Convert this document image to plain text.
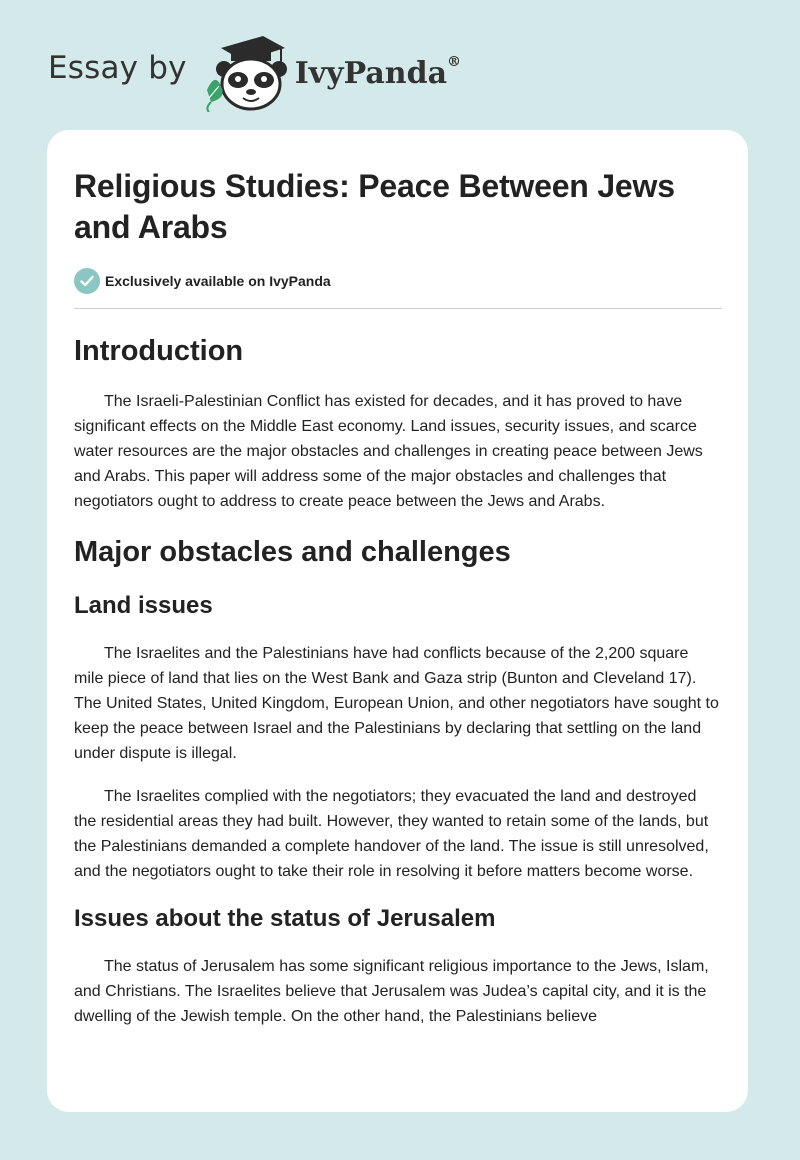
Essay by	IvyPanda®
Religious Studies: Peace Between Jews and Arabs
Exclusively available on IvyPanda
Introduction

The Israeli-Palestinian Conflict has existed for decades, and it has proved to have significant effects on the Middle East economy. Land issues, security issues, and scarce water resources are the major obstacles and challenges in creating peace between Jews and Arabs. This paper will address some of the major obstacles and challenges that negotiators ought to address to create peace between the Jews and Arabs.

Major obstacles and challenges
Land issues

The Israelites and the Palestinians have had conflicts because of the 2,200 square mile piece of land that lies on the West Bank and Gaza strip (Bunton and Cleveland 17). The United States, United Kingdom, European Union, and other negotiators have sought to keep the peace between Israel and the Palestinians by declaring that settling on the land under dispute is illegal.

The Israelites complied with the negotiators; they evacuated the land and destroyed the residential areas they had built. However, they wanted to retain some of the lands, but the Palestinians demanded a complete handover of the land. The issue is still unresolved, and the negotiators ought to take their role in resolving it before matters become worse.

Issues about the status of Jerusalem

The status of Jerusalem has some significant religious importance to the Jews, Islam, and Christians. The Israelites believe that Jerusalem was Judea’s capital city, and it is the dwelling of the Jewish temple. On the other hand, the Palestinians believe
